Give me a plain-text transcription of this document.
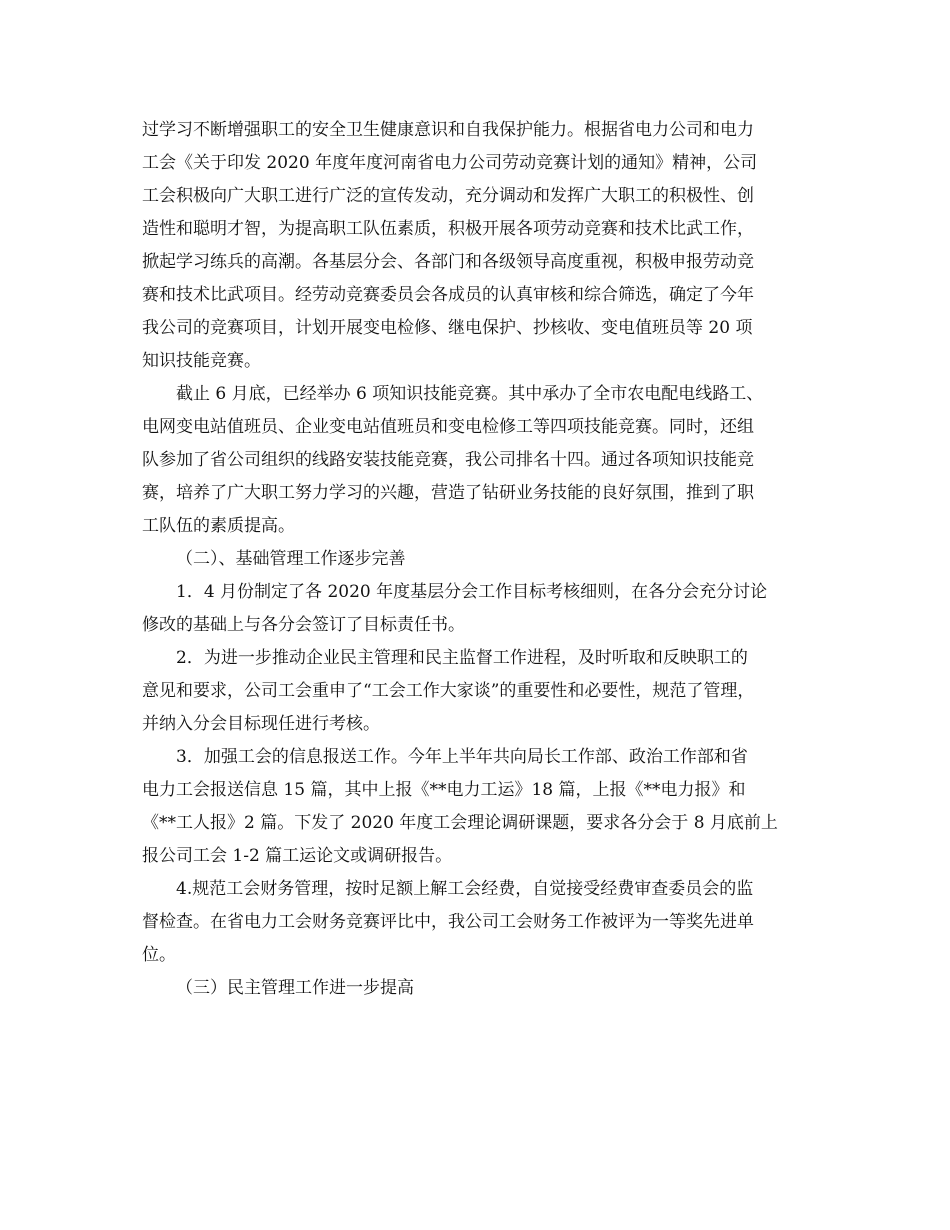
过学习不断增强职工的安全卫生健康意识和自我保护能力。根据省电力公司和电力
工会《关于印发 2020 年度年度河南省电力公司劳动竞赛计划的通知》精神，公司
工会积极向广大职工进行广泛的宣传发动，充分调动和发挥广大职工的积极性、创
造性和聪明才智，为提高职工队伍素质，积极开展各项劳动竞赛和技术比武工作，
掀起学习练兵的高潮。各基层分会、各部门和各级领导高度重视，积极申报劳动竞
赛和技术比武项目。经劳动竞赛委员会各成员的认真审核和综合筛选，确定了今年
我公司的竞赛项目，计划开展变电检修、继电保护、抄核收、变电值班员等 20 项
知识技能竞赛。
截止 6 月底，已经举办 6 项知识技能竞赛。其中承办了全市农电配电线路工、
电网变电站值班员、企业变电站值班员和变电检修工等四项技能竞赛。同时，还组
队参加了省公司组织的线路安装技能竞赛，我公司排名十四。通过各项知识技能竞
赛，培养了广大职工努力学习的兴趣，营造了钻研业务技能的良好氛围，推到了职
工队伍的素质提高。
（二）、基础管理工作逐步完善
1．4 月份制定了各 2020 年度基层分会工作目标考核细则，在各分会充分讨论
修改的基础上与各分会签订了目标责任书。
2．为进一步推动企业民主管理和民主监督工作进程，及时听取和反映职工的
意见和要求，公司工会重申了“工会工作大家谈”的重要性和必要性，规范了管理，
并纳入分会目标现任进行考核。
3．加强工会的信息报送工作。今年上半年共向局长工作部、政治工作部和省
电力工会报送信息 15 篇，其中上报《**电力工运》18 篇，上报《**电力报》和
《**工人报》2 篇。下发了 2020 年度工会理论调研课题，要求各分会于 8 月底前上
报公司工会 1-2 篇工运论文或调研报告。
4.规范工会财务管理，按时足额上解工会经费，自觉接受经费审查委员会的监
督检查。在省电力工会财务竞赛评比中，我公司工会财务工作被评为一等奖先进单
位。
（三）民主管理工作进一步提高
